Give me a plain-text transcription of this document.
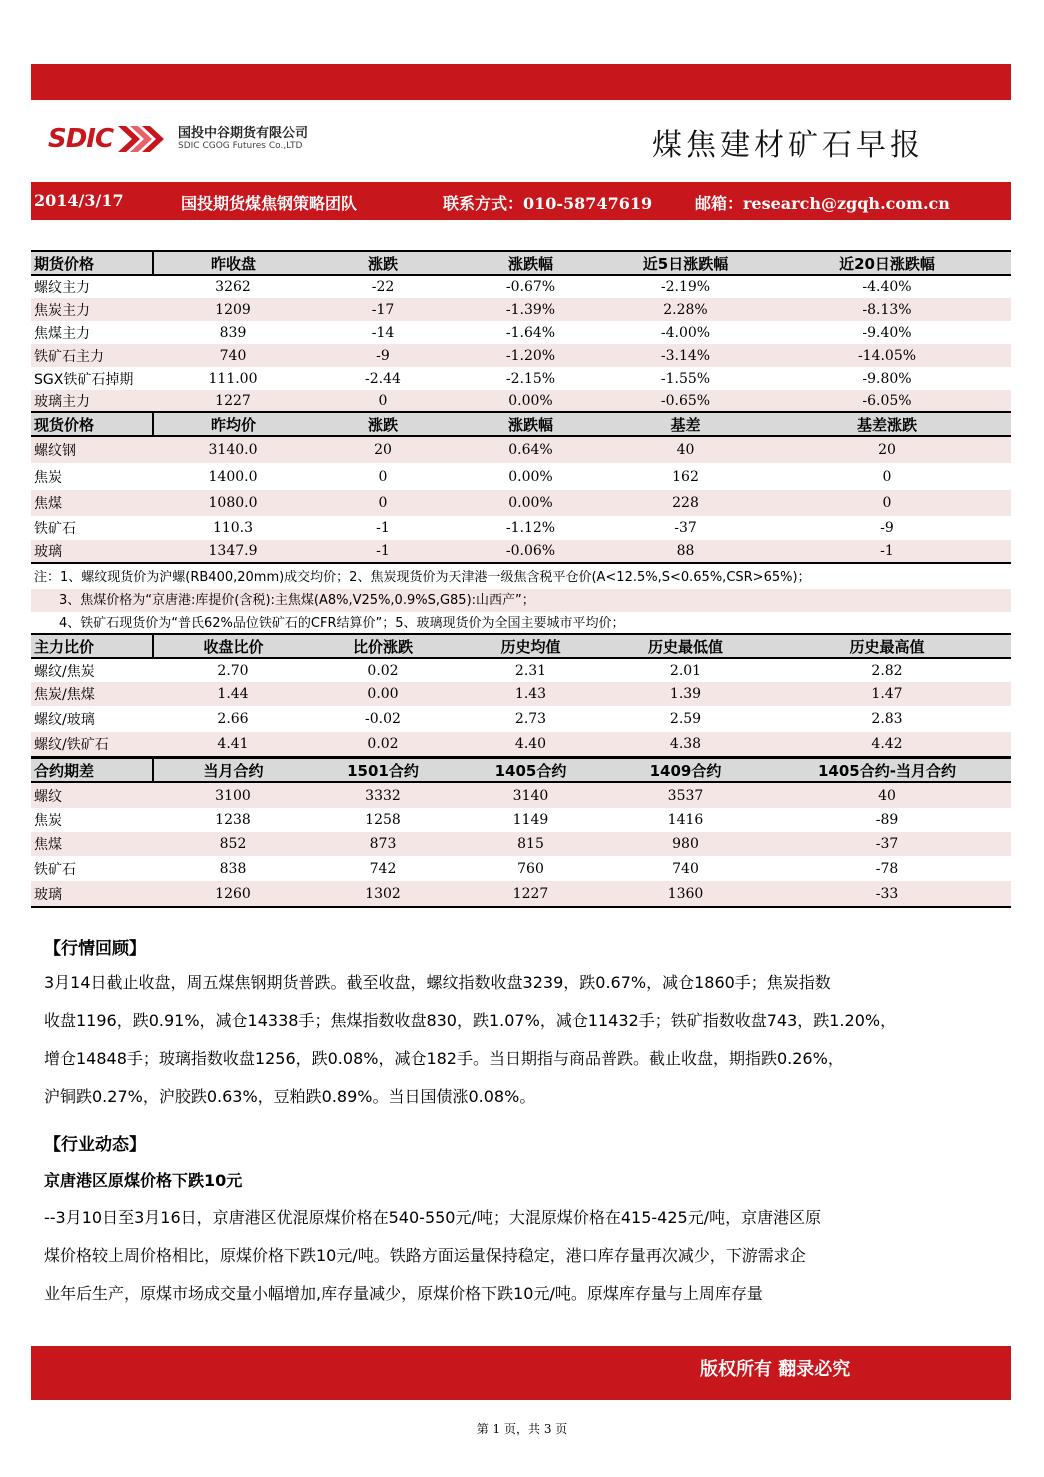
SDIC	国投中谷期货有限公司
SDIC CGOG Futures Co.,LTD	煤焦建材矿石早报
2014/3/17	国投期货煤焦钢策略团队	联系方式：010-58747619	邮箱：research@zgqh.com.cn
期货价格	昨收盘	涨跌	涨跌幅	近5日涨跌幅	近20日涨跌幅
螺纹主力	3262	-22	-0.67%	-2.19%	-4.40%
焦炭主力	1209	-17	-1.39%	2.28%	-8.13%
焦煤主力	839	-14	-1.64%	-4.00%	-9.40%
铁矿石主力	740	-9	-1.20%	-3.14%	-14.05%
SGX铁矿石掉期	111.00	-2.44	-2.15%	-1.55%	-9.80%
玻璃主力	1227	0	0.00%	-0.65%	-6.05%
现货价格	昨均价	涨跌	涨跌幅	基差	基差涨跌
螺纹钢	3140.0	20	0.64%	40	20
焦炭	1400.0	0	0.00%	162	0
焦煤	1080.0	0	0.00%	228	0
铁矿石	110.3	-1	-1.12%	-37	-9
玻璃	1347.9	-1	-0.06%	88	-1
注：1、螺纹现货价为沪螺(RB400,20mm)成交均价；2、焦炭现货价为天津港一级焦含税平仓价(A<12.5%,S<0.65%,CSR>65%)；
3、焦煤价格为“京唐港:库提价(含税):主焦煤(A8%,V25%,0.9%S,G85):山西产”；
4、铁矿石现货价为“普氏62%品位铁矿石的CFR结算价”；5、玻璃现货价为全国主要城市平均价；
主力比价	收盘比价	比价涨跌	历史均值	历史最低值	历史最高值
螺纹/焦炭	2.70	0.02	2.31	2.01	2.82
焦炭/焦煤	1.44	0.00	1.43	1.39	1.47
螺纹/玻璃	2.66	-0.02	2.73	2.59	2.83
螺纹/铁矿石	4.41	0.02	4.40	4.38	4.42
合约期差	当月合约	1501合约	1405合约	1409合约	1405合约-当月合约
螺纹	3100	3332	3140	3537	40
焦炭	1238	1258	1149	1416	-89
焦煤	852	873	815	980	-37
铁矿石	838	742	760	740	-78
玻璃	1260	1302	1227	1360	-33
【行情回顾】
3月14日截止收盘，周五煤焦钢期货普跌。截至收盘，螺纹指数收盘3239，跌0.67%，减仓1860手；焦炭指数
收盘1196，跌0.91%，减仓14338手；焦煤指数收盘830，跌1.07%，减仓11432手；铁矿指数收盘743，跌1.20%，
增仓14848手；玻璃指数收盘1256，跌0.08%，减仓182手。当日期指与商品普跌。截止收盘，期指跌0.26%，
沪铜跌0.27%，沪胶跌0.63%，豆粕跌0.89%。当日国债涨0.08%。
【行业动态】
京唐港区原煤价格下跌10元
--3月10日至3月16日，京唐港区优混原煤价格在540-550元/吨；大混原煤价格在415-425元/吨，京唐港区原
煤价格较上周价格相比，原煤价格下跌10元/吨。铁路方面运量保持稳定，港口库存量再次减少，下游需求企
业年后生产，原煤市场成交量小幅增加,库存量减少，原煤价格下跌10元/吨。原煤库存量与上周库存量
版权所有 翻录必究
第 1 页，共 3 页
